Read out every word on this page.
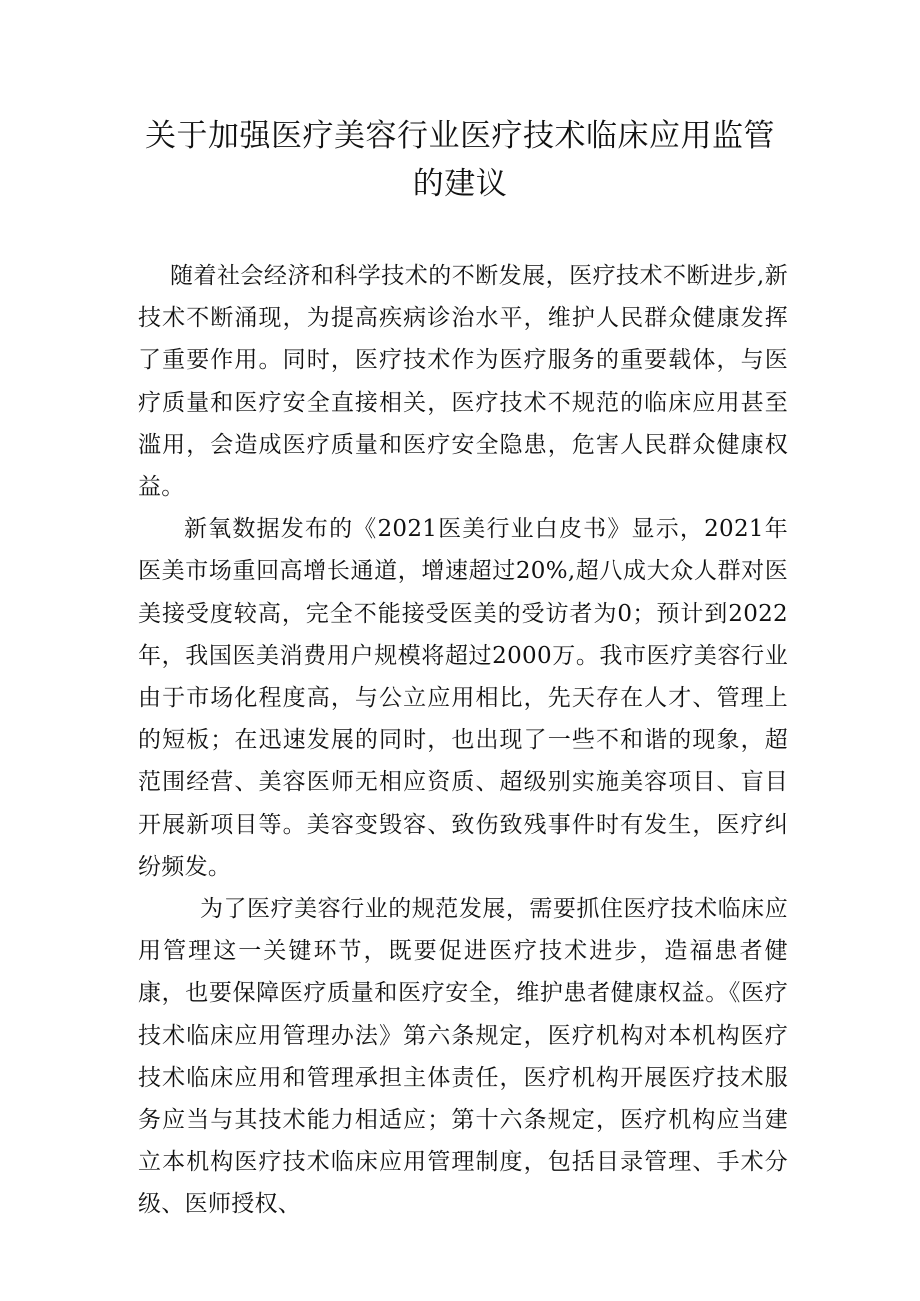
关于加强医疗美容行业医疗技术临床应用监管
的建议

随着社会经济和科学技术的不断发展，医疗技术不断进步,新技术不断涌现，为提高疾病诊治水平，维护人民群众健康发挥了重要作用。同时，医疗技术作为医疗服务的重要载体，与医疗质量和医疗安全直接相关，医疗技术不规范的临床应用甚至滥用，会造成医疗质量和医疗安全隐患，危害人民群众健康权益。

新氧数据发布的《2021医美行业白皮书》显示，2021年医美市场重回高增长通道，增速超过20%,超八成大众人群对医美接受度较高，完全不能接受医美的受访者为0；预计到2022年，我国医美消费用户规模将超过2000万。我市医疗美容行业由于市场化程度高，与公立应用相比，先天存在人才、管理上的短板；在迅速发展的同时，也出现了一些不和谐的现象，超范围经营、美容医师无相应资质、超级别实施美容项目、盲目开展新项目等。美容变毁容、致伤致残事件时有发生，医疗纠纷频发。

为了医疗美容行业的规范发展，需要抓住医疗技术临床应用管理这一关键环节，既要促进医疗技术进步，造福患者健康，也要保障医疗质量和医疗安全，维护患者健康权益。《医疗技术临床应用管理办法》第六条规定，医疗机构对本机构医疗技术临床应用和管理承担主体责任，医疗机构开展医疗技术服务应当与其技术能力相适应；第十六条规定，医疗机构应当建立本机构医疗技术临床应用管理制度，包括目录管理、手术分级、医师授权、
